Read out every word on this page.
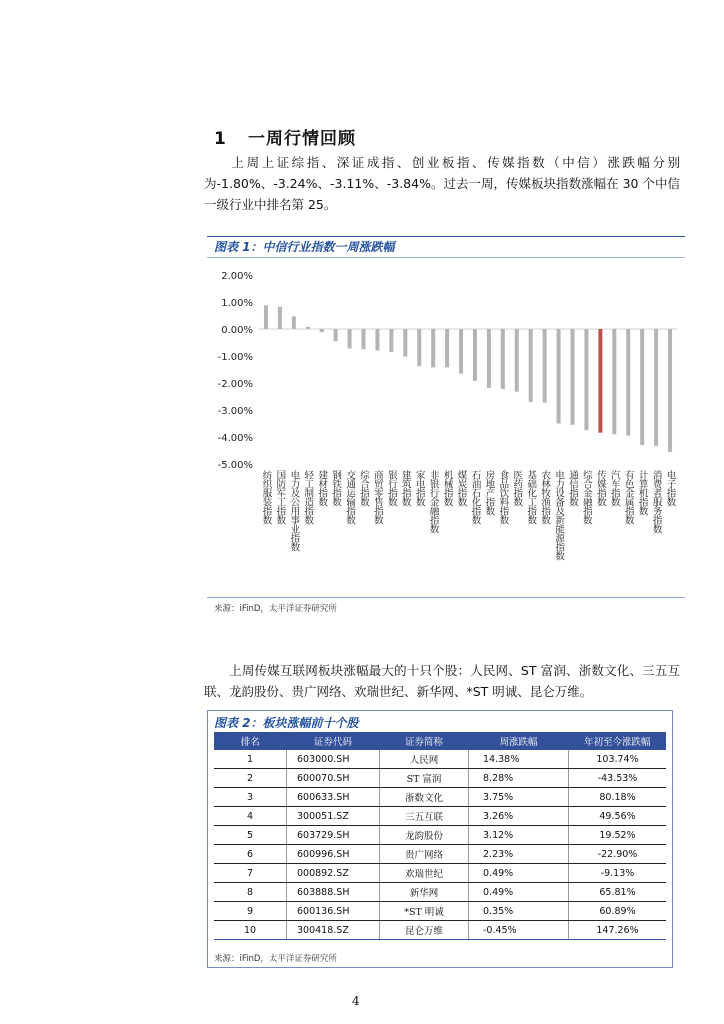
1 一周行情回顾
上周上证综指、深证成指、创业板指、传媒指数（中信）涨跌幅分别为-1.80%、-3.24%、-3.11%、-3.84%。过去一周，传媒板块指数涨幅在 30 个中信一级行业中排名第 25。
图表 1：中信行业指数一周涨跌幅
2.00%
1.00%
0.00%
-1.00%
-2.00%
-3.00%
-4.00%
-5.00%
纺织服装指数 国防军工指数 电力及公用事业指数 轻工制造指数 建材指数 钢铁指数 交通运输指数 综合指数 商贸零售指数 银行指数 建筑指数 家电指数 非银行金融指数 机械指数 煤炭指数 石油石化指数 房地产指数 食品饮料指数 医药指数 基础化工指数 农林牧渔指数 电力设备及新能源指数 通信指数 综合金融指数 传媒指数 汽车指数 有色金属指数 计算机指数 消费者服务指数 电子指数
来源：iFinD，太平洋证券研究所
上周传媒互联网板块涨幅最大的十只个股：人民网、ST 富润、浙数文化、三五互联、龙韵股份、贵广网络、欢瑞世纪、新华网、*ST 明诚、昆仑万维。
图表 2：板块涨幅前十个股
排名	证券代码	证券简称	周涨跌幅	年初至今涨跌幅
1	603000.SH	人民网	14.38%	103.74%
2	600070.SH	ST 富润	8.28%	-43.53%
3	600633.SH	浙数文化	3.75%	80.18%
4	300051.SZ	三五互联	3.26%	49.56%
5	603729.SH	龙韵股份	3.12%	19.52%
6	600996.SH	贵广网络	2.23%	-22.90%
7	000892.SZ	欢瑞世纪	0.49%	-9.13%
8	603888.SH	新华网	0.49%	65.81%
9	600136.SH	*ST 明诚	0.35%	60.89%
10	300418.SZ	昆仑万维	-0.45%	147.26%
来源：iFinD，太平洋证券研究所
4
